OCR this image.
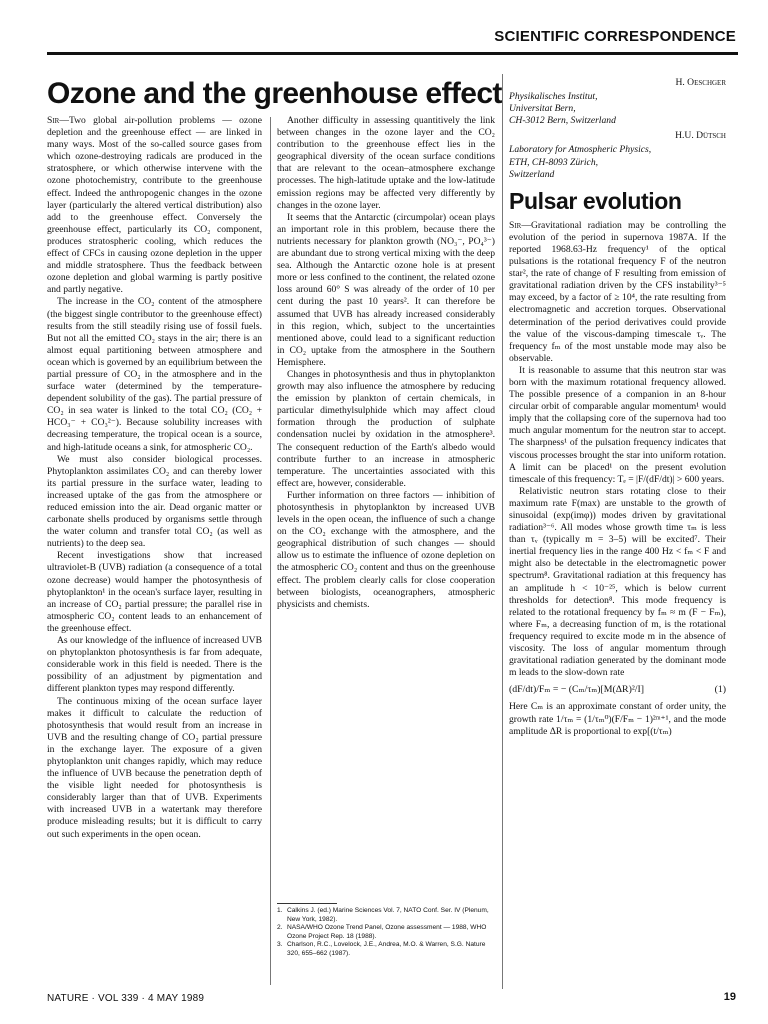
SCIENTIFIC CORRESPONDENCE
Ozone and the greenhouse effect

Sir—Two global air-pollution problems — ozone depletion and the greenhouse effect — are linked in many ways. Most of the so-called source gases from which ozone-destroying radicals are produced in the stratosphere, or which otherwise intervene with the ozone photochemistry, contribute to the greenhouse effect. Indeed the anthropogenic changes in the ozone layer (particularly the altered vertical distribution) also add to the greenhouse effect. Conversely the greenhouse effect, particularly its CO₂ component, produces stratospheric cooling, which reduces the effect of CFCs in causing ozone depletion in the upper and middle stratosphere. Thus the feedback between ozone depletion and global warming is partly positive and partly negative.

The increase in the CO₂ content of the atmosphere (the biggest single contributor to the greenhouse effect) results from the still steadily rising use of fossil fuels. But not all the emitted CO₂ stays in the air; there is an almost equal partitioning between atmosphere and ocean which is governed by an equilibrium between the partial pressure of CO₂ in the atmosphere and in the surface water (determined by the temperature-dependent solubility of the gas). The partial pressure of CO₂ in sea water is linked to the total CO₂ (CO₂ + HCO₃⁻ + CO₃²⁻). Because solubility increases with decreasing temperature, the tropical ocean is a source, and high-latitude oceans a sink, for atmospheric CO₂.

We must also consider biological processes. Phytoplankton assimilates CO₂ and can thereby lower its partial pressure in the surface water, leading to increased uptake of the gas from the atmosphere or reduced emission into the air. Dead organic matter or carbonate shells produced by organisms settle through the water column and transfer total CO₂ (as well as nutrients) to the deep sea.

Recent investigations show that increased ultraviolet-B (UVB) radiation (a consequence of a total ozone decrease) would hamper the photosynthesis of phytoplankton¹ in the ocean's surface layer, resulting in an increase of CO₂ partial pressure; the parallel rise in atmospheric CO₂ content leads to an enhancement of the greenhouse effect.

As our knowledge of the influence of increased UVB on phytoplankton photosynthesis is far from adequate, considerable work in this field is needed. There is the possibility of an adjustment by pigmentation and different plankton types may respond differently.

The continuous mixing of the ocean surface layer makes it difficult to calculate the reduction of photosynthesis that would result from an increase in UVB and the resulting change of CO₂ partial pressure in the exchange layer. The exposure of a given phytoplankton unit changes rapidly, which may reduce the influence of UVB because the penetration depth of the visible light needed for photosynthesis is considerably larger than that of UVB. Experiments with increased UVB in a watertank may therefore produce misleading results; but it is difficult to carry out such experiments in the open ocean.

Another difficulty in assessing quantitively the link between changes in the ozone layer and the CO₂ contribution to the greenhouse effect lies in the geographical diversity of the ocean surface conditions that are relevant to the ocean–atmosphere exchange processes. The high-latitude uptake and the low-latitude emission regions may be affected very differently by changes in the ozone layer.

It seems that the Antarctic (circumpolar) ocean plays an important role in this problem, because there the nutrients necessary for plankton growth (NO₃⁻, PO₄³⁻) are abundant due to strong vertical mixing with the deep sea. Although the Antarctic ozone hole is at present more or less confined to the continent, the related ozone loss around 60° S was already of the order of 10 per cent during the past 10 years². It can therefore be assumed that UVB has already increased considerably in this region, which, subject to the uncertainties mentioned above, could lead to a significant reduction in CO₂ uptake from the atmosphere in the Southern Hemisphere.

Changes in photosynthesis and thus in phytoplankton growth may also influence the atmosphere by reducing the emission by plankton of certain chemicals, in particular dimethylsulphide which may affect cloud formation through the production of sulphate condensation nuclei by oxidation in the atmosphere³. The consequent reduction of the Earth's albedo would contribute further to an increase in atmospheric temperature. The uncertainties associated with this effect are, however, considerable.

Further information on three factors — inhibition of photosynthesis in phytoplankton by increased UVB levels in the open ocean, the influence of such a change on the CO₂ exchange with the atmosphere, and the geographical distribution of such changes — should allow us to estimate the influence of ozone depletion on the atmospheric CO₂ content and thus on the greenhouse effect. The problem clearly calls for close cooperation between biologists, oceanographers, atmospheric physicists and chemists.

1. Calkins J. (ed.) Marine Sciences Vol. 7, NATO Conf. Ser. IV (Plenum, New York, 1982).
2. NASA/WHO Ozone Trend Panel, Ozone assessment — 1988, WHO Ozone Project Rep. 18 (1988).
3. Charlson, R.C., Lovelock, J.E., Andrea, M.O. & Warren, S.G. Nature 320, 655–662 (1987).
H. Oeschger
Physikalisches Institut,
Universitat Bern,
CH-3012 Bern, Switzerland
H.U. Dütsch
Laboratory for Atmospheric Physics,
ETH, CH-8093 Zürich,
Switzerland
Pulsar evolution

Sir—Gravitational radiation may be controlling the evolution of the period in supernova 1987A. If the reported 1968.63-Hz frequency¹ of the optical pulsations is the rotational frequency F of the neutron star², the rate of change of F resulting from emission of gravitational radiation driven by the CFS instability³⁻⁵ may exceed, by a factor of ≥ 10⁴, the rate resulting from electromagnetic and accretion torques. Observational determination of the period derivatives could provide the value of the viscous-damping timescale τᵥ. The frequency fₘ of the most unstable mode may also be observable.

It is reasonable to assume that this neutron star was born with the maximum rotational frequency allowed. The possible presence of a companion in an 8-hour circular orbit of comparable angular momentum¹ would imply that the collapsing core of the supernova had too much angular momentum for the neutron star to accept. The sharpness¹ of the pulsation frequency indicates that viscous processes brought the star into uniform rotation. A limit can be placed¹ on the present evolution timescale of this frequency: Tₑ = |F/(dF/dt)| > 600 years.

Relativistic neutron stars rotating close to their maximum rate F(max) are unstable to the growth of sinusoidal (exp(imφ)) modes driven by gravitational radiation³⁻⁶. All modes whose growth time τₘ is less than τᵥ (typically m = 3–5) will be excited⁷. Their inertial frequency lies in the range 400 Hz < fₘ < F and might also be detectable in the electromagnetic power spectrum⁸. Gravitational radiation at this frequency has an amplitude h < 10⁻²⁵, which is below current thresholds for detection⁸. This mode frequency is related to the rotational frequency by fₘ ≈ m (F − Fₘ), where Fₘ, a decreasing function of m, is the rotational frequency required to excite mode m in the absence of viscosity. The loss of angular momentum through gravitational radiation generated by the dominant mode m leads to the slow-down rate

(dF/dt)/Fₘ = − (Cₘ/τₘ)[M(ΔR)²/I]	(1)

Here Cₘ is an approximate constant of order unity, the growth rate 1/τₘ = (1/τₘ⁰)(F/Fₘ − 1)²ᵐ⁺¹, and the mode amplitude ΔR is proportional to exp[(t/τₘ)

NATURE · VOL 339 · 4 MAY 1989	19
